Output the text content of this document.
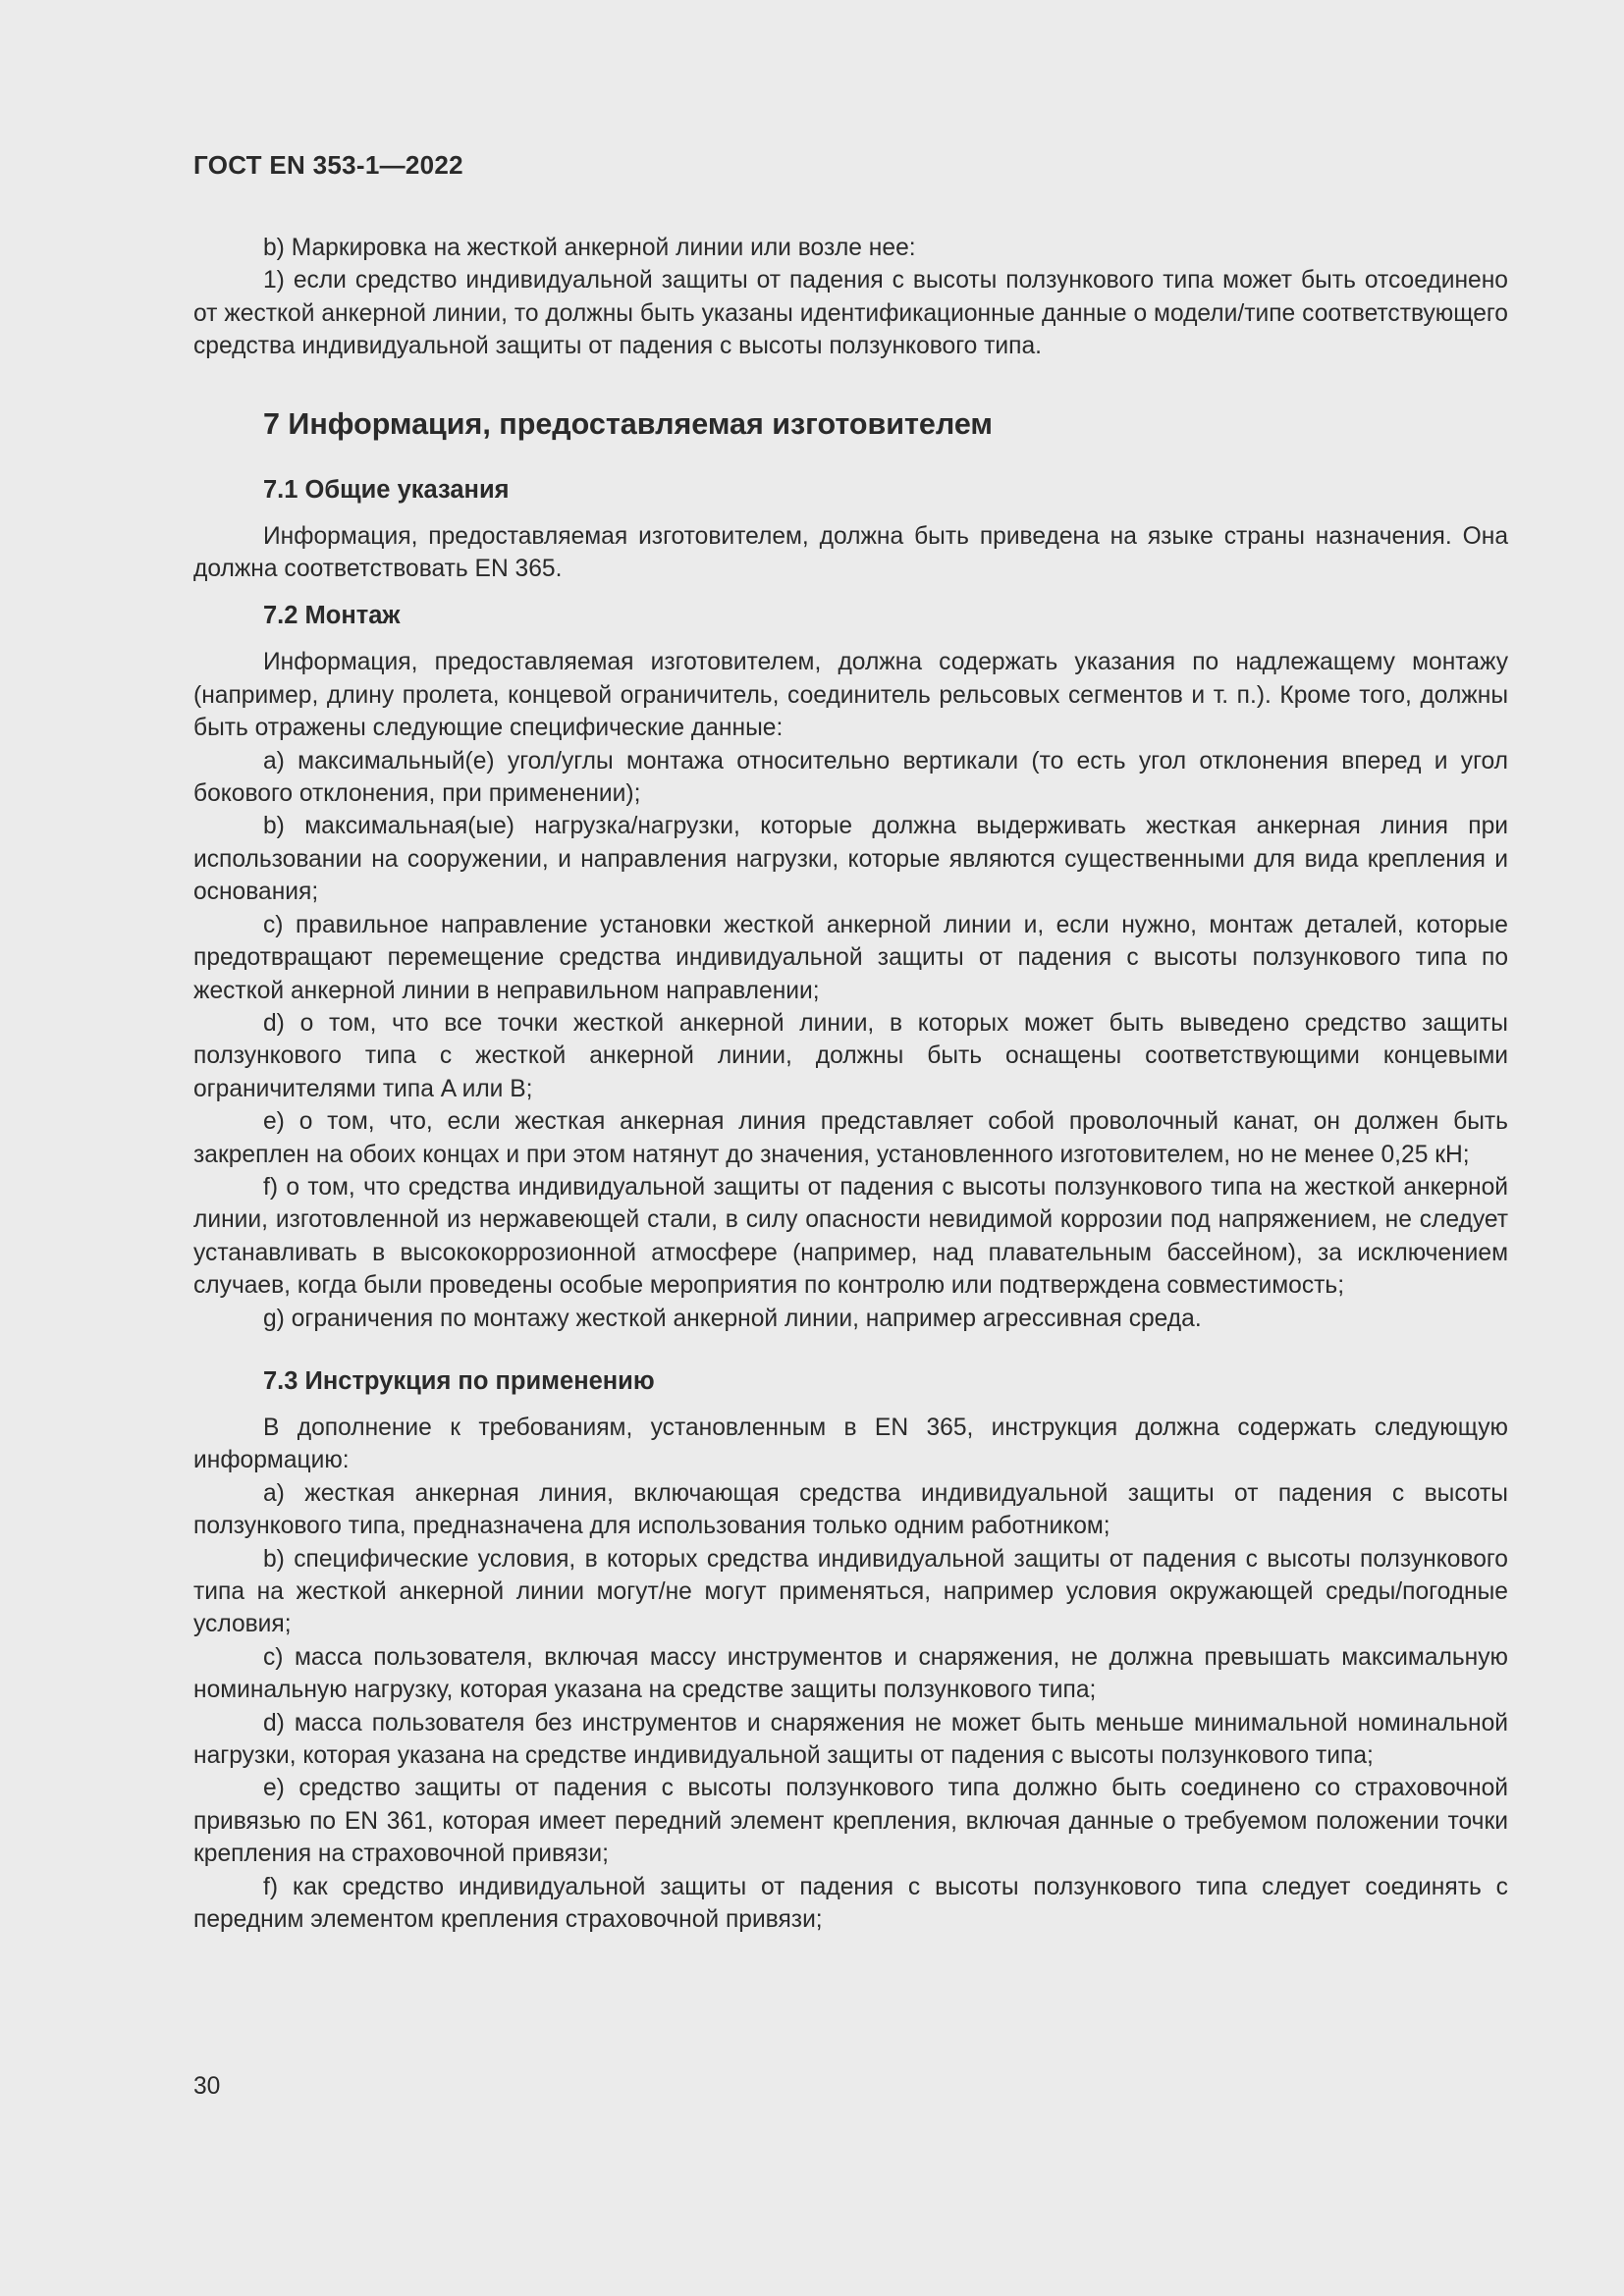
ГОСТ EN 353-1—2022

b) Маркировка на жесткой анкерной линии или возле нее:

1) если средство индивидуальной защиты от падения с высоты ползункового типа может быть отсоединено от жесткой анкерной линии, то должны быть указаны идентификационные данные о модели/типе соответствующего средства индивидуальной защиты от падения с высоты ползункового типа.

7 Информация, предоставляемая изготовителем
7.1 Общие указания

Информация, предоставляемая изготовителем, должна быть приведена на языке страны назначения. Она должна соответствовать EN 365.

7.2 Монтаж

Информация, предоставляемая изготовителем, должна содержать указания по надлежащему монтажу (например, длину пролета, концевой ограничитель, соединитель рельсовых сегментов и т. п.). Кроме того, должны быть отражены следующие специфические данные:

a) максимальный(е) угол/углы монтажа относительно вертикали (то есть угол отклонения вперед и угол бокового отклонения, при применении);

b) максимальная(ые) нагрузка/нагрузки, которые должна выдерживать жесткая анкерная линия при использовании на сооружении, и направления нагрузки, которые являются существенными для вида крепления и основания;

c) правильное направление установки жесткой анкерной линии и, если нужно, монтаж деталей, которые предотвращают перемещение средства индивидуальной защиты от падения с высоты ползункового типа по жесткой анкерной линии в неправильном направлении;

d) о том, что все точки жесткой анкерной линии, в которых может быть выведено средство защиты ползункового типа с жесткой анкерной линии, должны быть оснащены соответствующими концевыми ограничителями типа A или B;

e) о том, что, если жесткая анкерная линия представляет собой проволочный канат, он должен быть закреплен на обоих концах и при этом натянут до значения, установленного изготовителем, но не менее 0,25 кН;

f) о том, что средства индивидуальной защиты от падения с высоты ползункового типа на жесткой анкерной линии, изготовленной из нержавеющей стали, в силу опасности невидимой коррозии под напряжением, не следует устанавливать в высококоррозионной атмосфере (например, над плавательным бассейном), за исключением случаев, когда были проведены особые мероприятия по контролю или подтверждена совместимость;

g) ограничения по монтажу жесткой анкерной линии, например агрессивная среда.

7.3 Инструкция по применению

В дополнение к требованиям, установленным в EN 365, инструкция должна содержать следующую информацию:

a) жесткая анкерная линия, включающая средства индивидуальной защиты от падения с высоты ползункового типа, предназначена для использования только одним работником;

b) специфические условия, в которых средства индивидуальной защиты от падения с высоты ползункового типа на жесткой анкерной линии могут/не могут применяться, например условия окружающей среды/погодные условия;

c) масса пользователя, включая массу инструментов и снаряжения, не должна превышать максимальную номинальную нагрузку, которая указана на средстве защиты ползункового типа;

d) масса пользователя без инструментов и снаряжения не может быть меньше минимальной номинальной нагрузки, которая указана на средстве индивидуальной защиты от падения с высоты ползункового типа;

e) средство защиты от падения с высоты ползункового типа должно быть соединено со страховочной привязью по EN 361, которая имеет передний элемент крепления, включая данные о требуемом положении точки крепления на страховочной привязи;

f) как средство индивидуальной защиты от падения с высоты ползункового типа следует соединять с передним элементом крепления страховочной привязи;

30
